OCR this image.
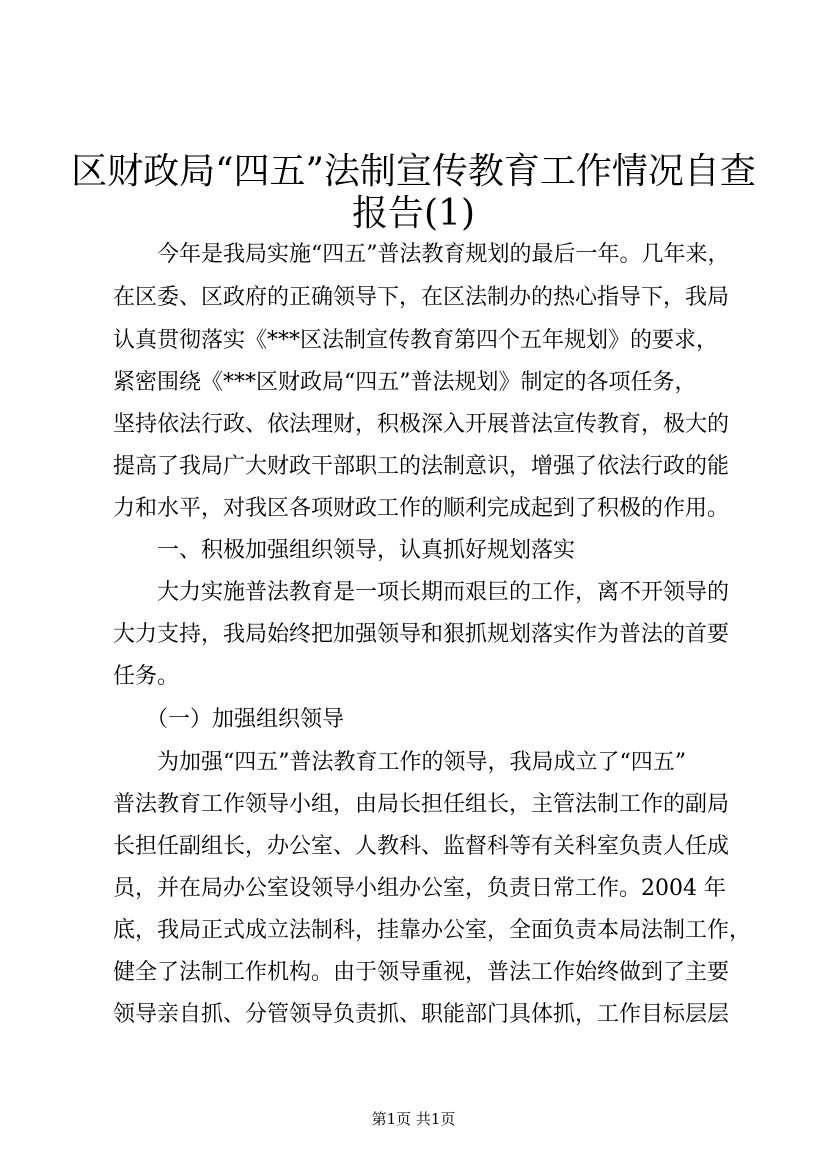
区财政局“四五”法制宣传教育工作情况自查
报告(1)
　　今年是我局实施“四五”普法教育规划的最后一年。几年来，
在区委、区政府的正确领导下，在区法制办的热心指导下，我局
认真贯彻落实《***区法制宣传教育第四个五年规划》的要求，
紧密围绕《***区财政局“四五”普法规划》制定的各项任务，
坚持依法行政、依法理财，积极深入开展普法宣传教育，极大的
提高了我局广大财政干部职工的法制意识，增强了依法行政的能
力和水平，对我区各项财政工作的顺利完成起到了积极的作用。
　　一、积极加强组织领导，认真抓好规划落实
　　大力实施普法教育是一项长期而艰巨的工作，离不开领导的
大力支持，我局始终把加强领导和狠抓规划落实作为普法的首要
任务。
　　（一）加强组织领导
　　为加强“四五”普法教育工作的领导，我局成立了“四五”
普法教育工作领导小组，由局长担任组长，主管法制工作的副局
长担任副组长，办公室、人教科、监督科等有关科室负责人任成
员，并在局办公室设领导小组办公室，负责日常工作。2004 年
底，我局正式成立法制科，挂靠办公室，全面负责本局法制工作，
健全了法制工作机构。由于领导重视，普法工作始终做到了主要
领导亲自抓、分管领导负责抓、职能部门具体抓，工作目标层层
第1页 共1页
